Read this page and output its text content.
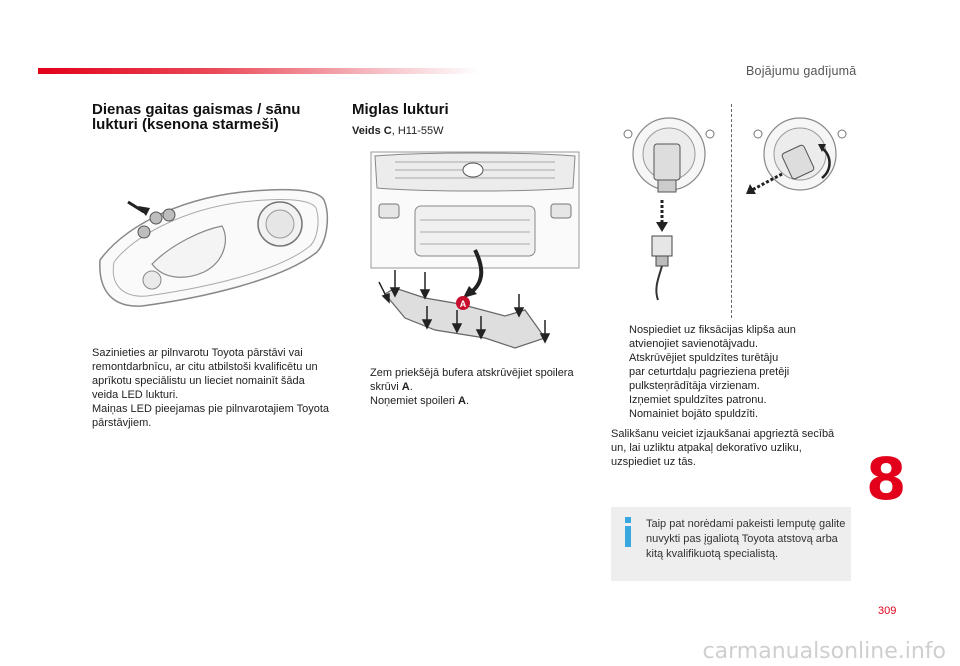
Bojājumu gadījumā
Dienas gaitas gaismas / sānu
lukturi (ksenona starmeši)
Sazinieties ar pilnvarotu Toyota pārstāvi vai
remontdarbnīcu, ar citu atbilstoši kvalificētu un
aprīkotu speciālistu un lieciet nomainīt šāda
veida LED lukturi.
Maiņas LED pieejamas pie pilnvarotajiem Toyota
pārstāvjiem.
Miglas lukturi
Veids C, H11-55W
A
Zem priekšējā bufera atskrūvējiet spoilera
skrūvi A.
Noņemiet spoileri A.
Nospiediet uz fiksācijas klipša aun
atvienojiet savienotājvadu.
Atskrūvējiet spuldzītes turētāju
par ceturtdaļu pagrieziena pretēji
pulksteņrādītāja virzienam.
Izņemiet spuldzītes patronu.
Nomainiet bojāto spuldzīti.
Salikšanu veiciet izjaukšanai apgrieztā secībā
un, lai uzliktu atpakaļ dekoratīvo uzliku,
uzspiediet uz tās.
Taip pat norėdami pakeisti lemputę galite
nuvykti pas įgaliotą Toyota atstovą arba
kitą kvalifikuotą specialistą.
8
309
carmanualsonline.info
